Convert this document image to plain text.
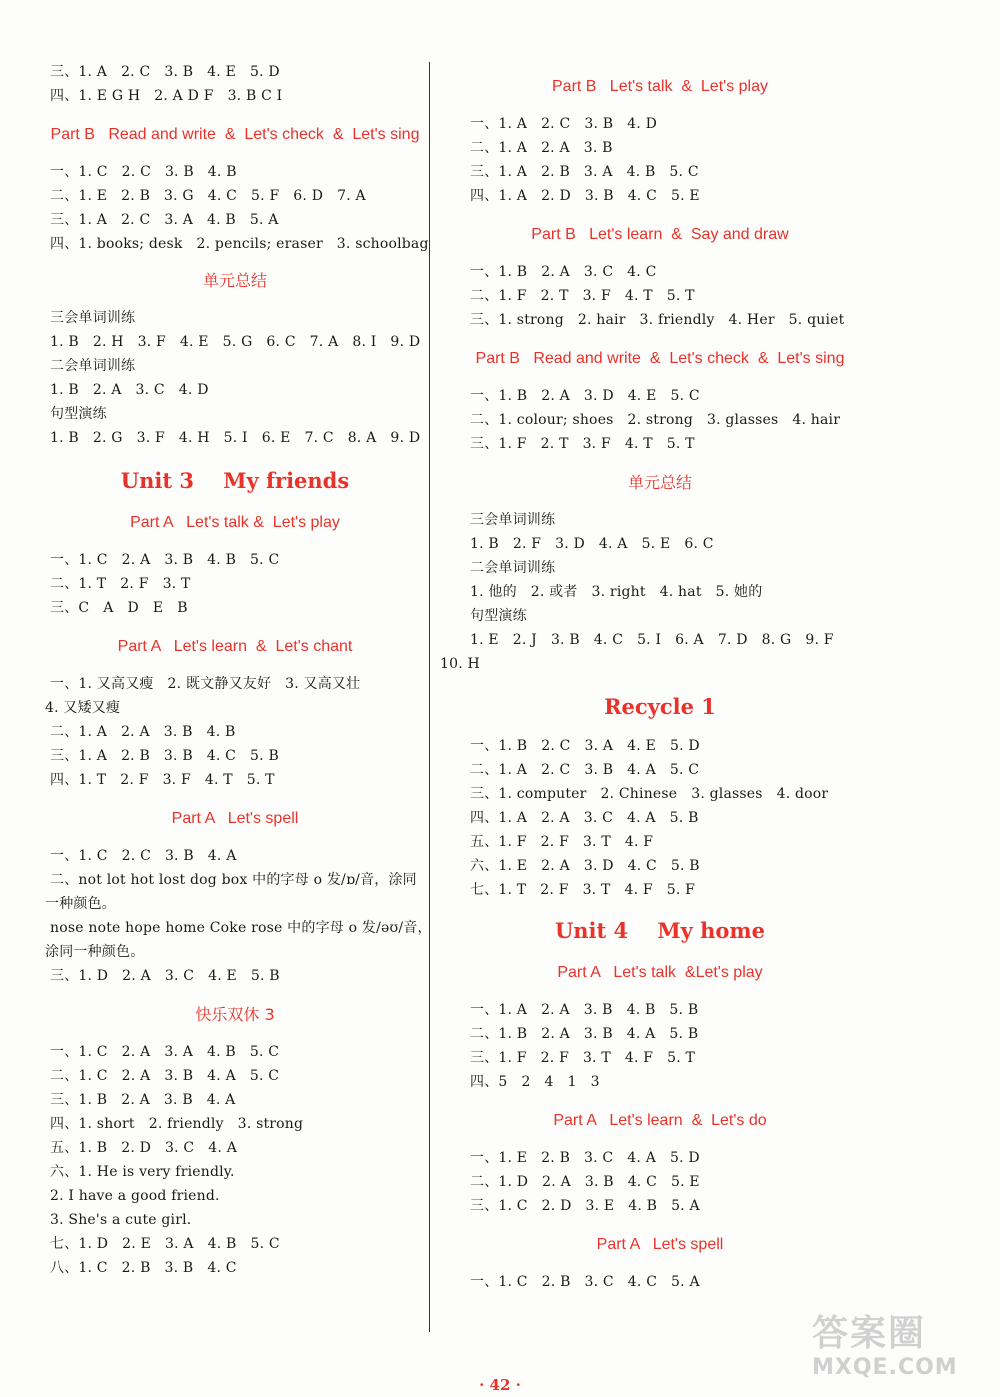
三、1. A   2. C   3. B   4. E   5. D
四、1. E G H   2. A D F   3. B C I
Part B   Read and write  &  Let's check  &  Let's sing
一、1. C   2. C   3. B   4. B
二、1. E   2. B   3. G   4. C   5. F   6. D   7. A
三、1. A   2. C   3. A   4. B   5. A
四、1. books; desk   2. pencils; eraser   3. schoolbag
单元总结
三会单词训练
1. B   2. H   3. F   4. E   5. G   6. C   7. A   8. I   9. D
二会单词训练
1. B   2. A   3. C   4. D
句型演练
1. B   2. G   3. F   4. H   5. I   6. E   7. C   8. A   9. D
Unit 3    My friends
Part A   Let's talk &  Let's play
一、1. C   2. A   3. B   4. B   5. C
二、1. T   2. F   3. T
三、C   A   D   E   B
Part A   Let's learn  &  Let's chant
一、1. 又高又瘦   2. 既文静又友好   3. 又高又壮
4. 又矮又瘦
二、1. A   2. A   3. B   4. B
三、1. A   2. B   3. B   4. C   5. B
四、1. T   2. F   3. F   4. T   5. T
Part A   Let's spell
一、1. C   2. C   3. B   4. A
二、not lot hot lost dog box 中的字母 o 发/ɒ/音，涂同
一种颜色。
nose note hope home Coke rose 中的字母 o 发/əʊ/音，
涂同一种颜色。
三、1. D   2. A   3. C   4. E   5. B
快乐双休 3
一、1. C   2. A   3. A   4. B   5. C
二、1. C   2. A   3. B   4. A   5. C
三、1. B   2. A   3. B   4. A
四、1. short   2. friendly   3. strong
五、1. B   2. D   3. C   4. A
六、1. He is very friendly.
2. I have a good friend.
3. She's a cute girl.
七、1. D   2. E   3. A   4. B   5. C
八、1. C   2. B   3. B   4. C
Part B   Let's talk  &  Let's play
一、1. A   2. C   3. B   4. D
二、1. A   2. A   3. B
三、1. A   2. B   3. A   4. B   5. C
四、1. A   2. D   3. B   4. C   5. E
Part B   Let's learn  &  Say and draw
一、1. B   2. A   3. C   4. C
二、1. F   2. T   3. F   4. T   5. T
三、1. strong   2. hair   3. friendly   4. Her   5. quiet
Part B   Read and write  &  Let's check  &  Let's sing
一、1. B   2. A   3. D   4. E   5. C
二、1. colour; shoes   2. strong   3. glasses   4. hair
三、1. F   2. T   3. F   4. T   5. T
单元总结
三会单词训练
1. B   2. F   3. D   4. A   5. E   6. C
二会单词训练
1. 他的   2. 或者   3. right   4. hat   5. 她的
句型演练
1. E   2. J   3. B   4. C   5. I   6. A   7. D   8. G   9. F
10. H
Recycle 1
一、1. B   2. C   3. A   4. E   5. D
二、1. A   2. C   3. B   4. A   5. C
三、1. computer   2. Chinese   3. glasses   4. door
四、1. A   2. A   3. C   4. A   5. B
五、1. F   2. F   3. T   4. F
六、1. E   2. A   3. D   4. C   5. B
七、1. T   2. F   3. T   4. F   5. F
Unit 4    My home
Part A   Let's talk  &Let's play
一、1. A   2. A   3. B   4. B   5. B
二、1. B   2. A   3. B   4. A   5. B
三、1. F   2. F   3. T   4. F   5. T
四、5   2   4   1   3
Part A   Let's learn  &  Let's do
一、1. E   2. B   3. C   4. A   5. D
二、1. D   2. A   3. B   4. C   5. E
三、1. C   2. D   3. E   4. B   5. A
Part A   Let's spell
一、1. C   2. B   3. C   4. C   5. A
· 42 ·
答案圈
MXQE.COM
